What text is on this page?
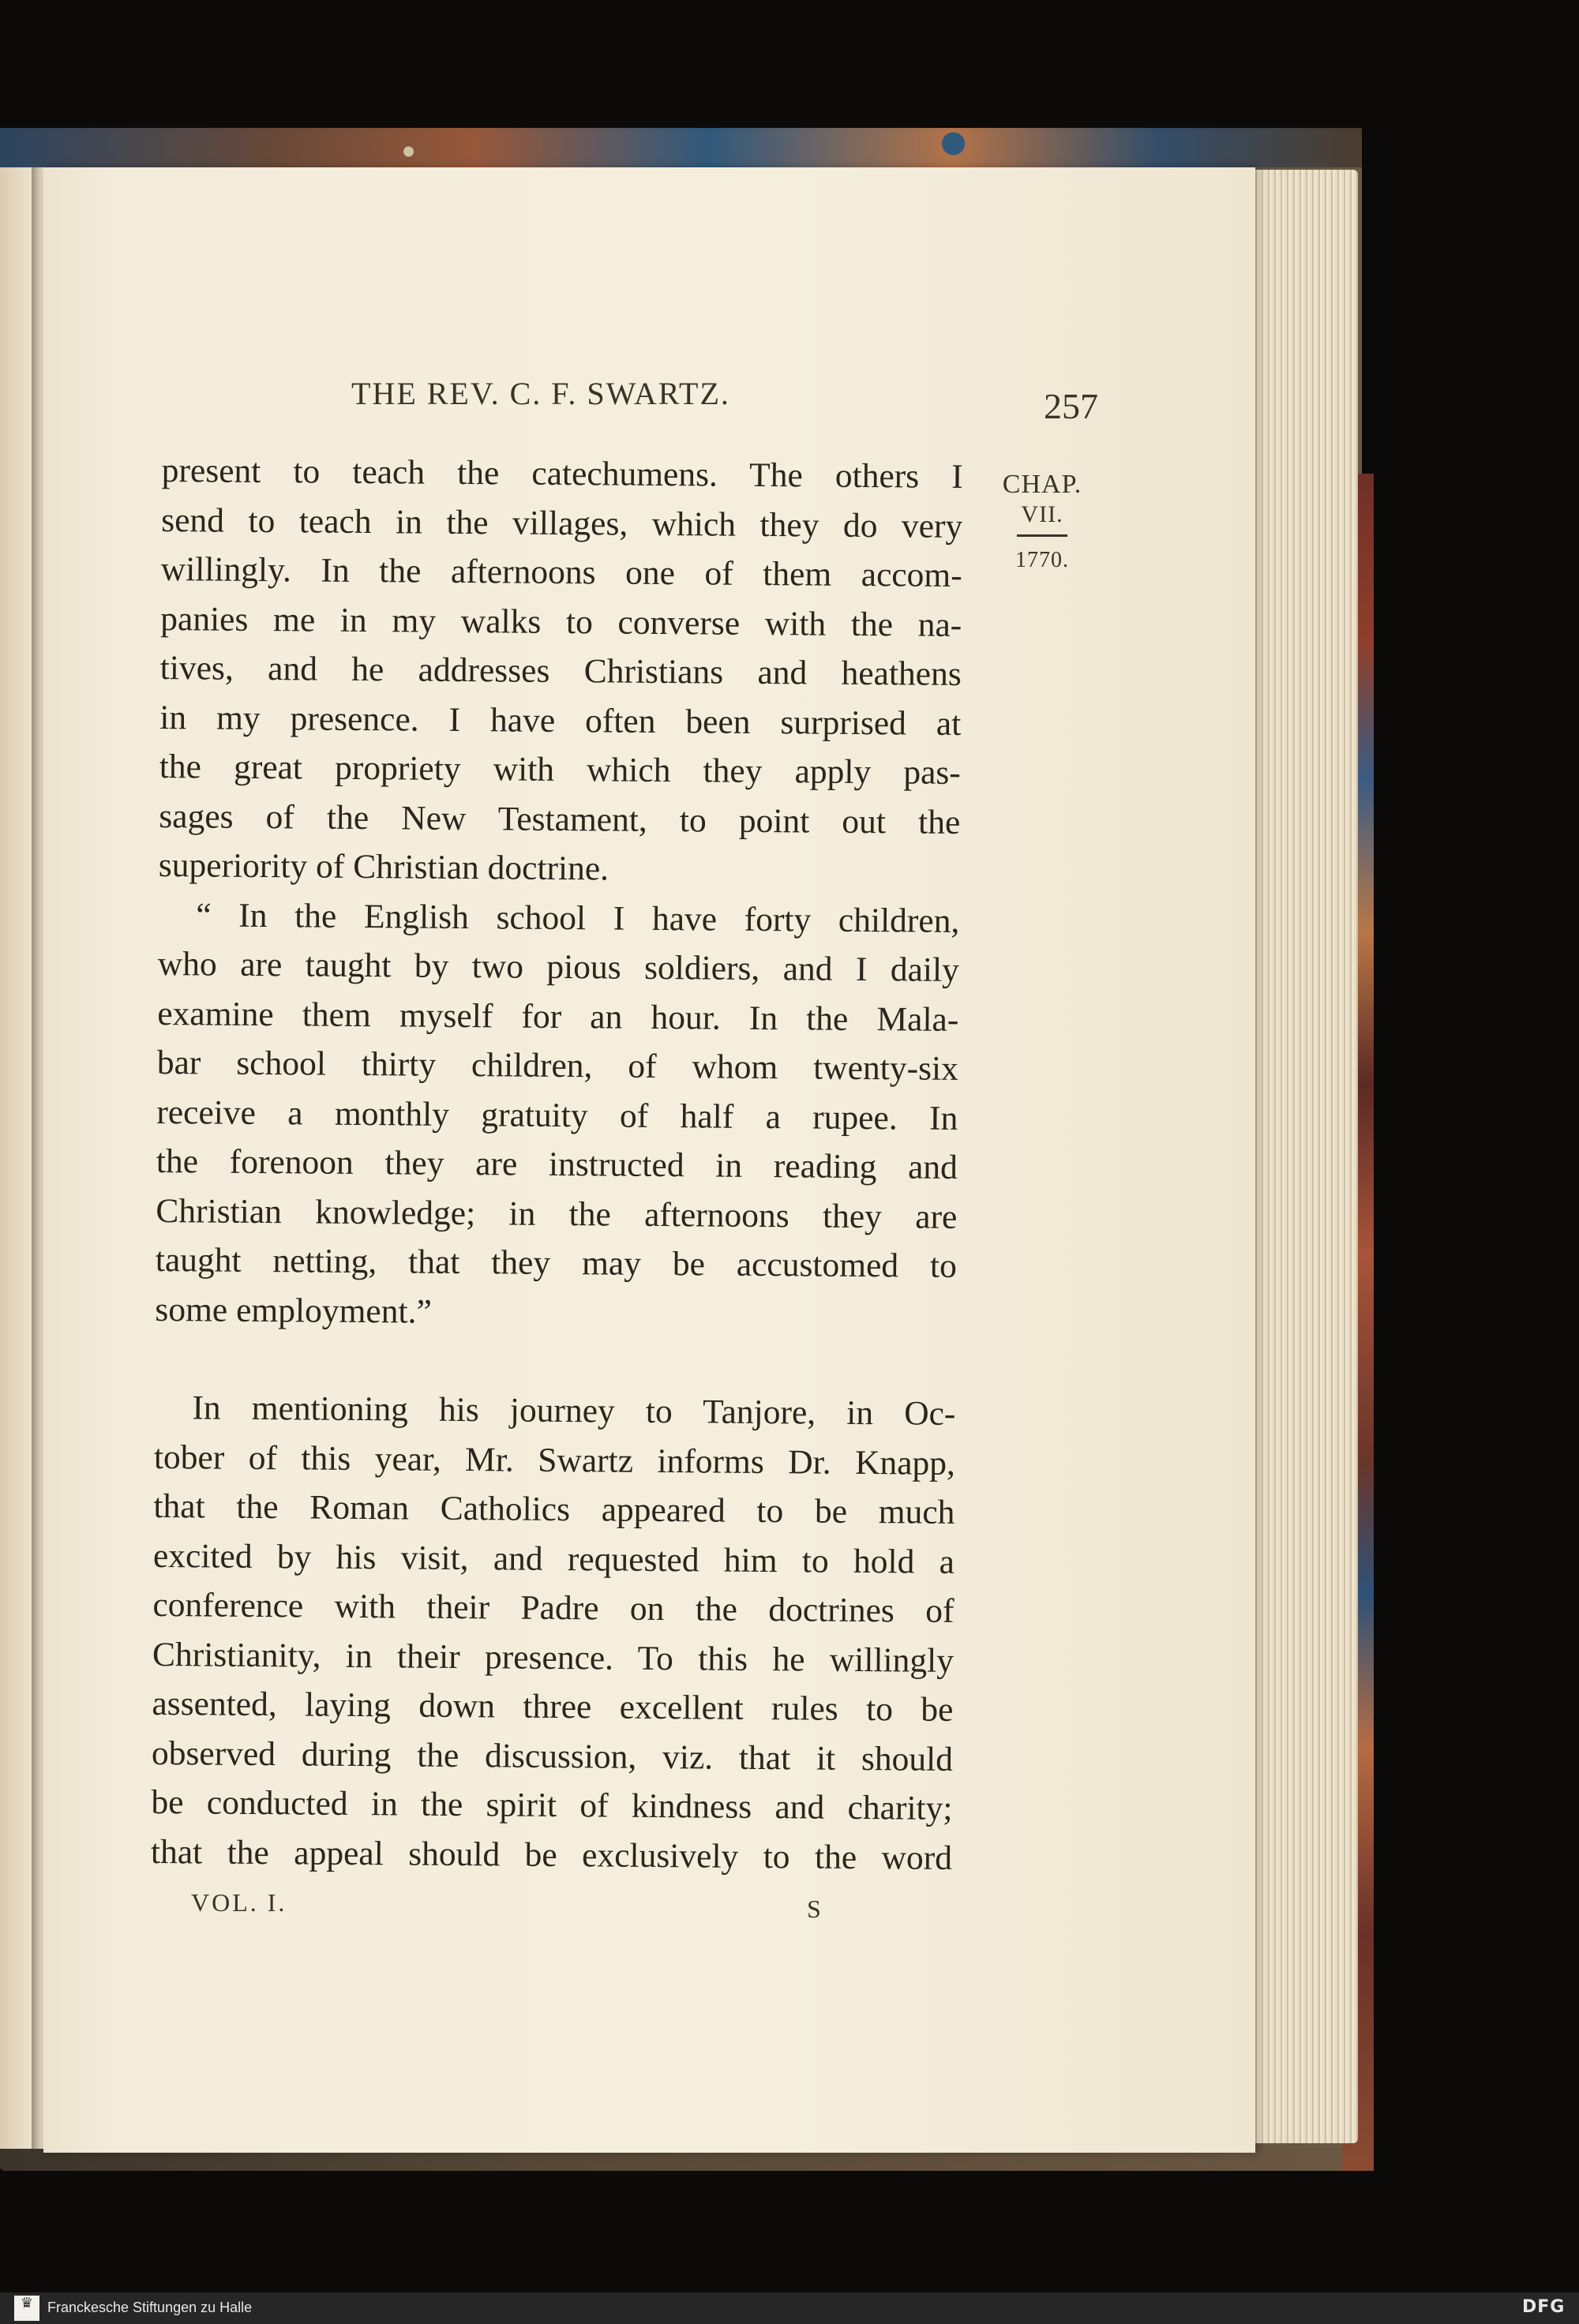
THE REV. C. F. SWARTZ.	257
CHAP.
VII.
1770.
present to teach the catechumens. The others I
send to teach in the villages, which they do very
willingly. In the afternoons one of them accom-
panies me in my walks to converse with the na-
tives, and he addresses Christians and heathens
in my presence. I have often been surprised at
the great propriety with which they apply pas-
sages of the New Testament, to point out the
superiority of Christian doctrine.
“ In the English school I have forty children,
who are taught by two pious soldiers, and I daily
examine them myself for an hour. In the Mala-
bar school thirty children, of whom twenty-six
receive a monthly gratuity of half a rupee. In
the forenoon they are instructed in reading and
Christian knowledge; in the afternoons they are
taught netting, that they may be accustomed to
some employment.”
In mentioning his journey to Tanjore, in Oc-
tober of this year, Mr. Swartz informs Dr. Knapp,
that the Roman Catholics appeared to be much
excited by his visit, and requested him to hold a
conference with their Padre on the doctrines of
Christianity, in their presence. To this he willingly
assented, laying down three excellent rules to be
observed during the discussion, viz. that it should
be conducted in the spirit of kindness and charity;
that the appeal should be exclusively to the word
VOL. I.	S
♛ Franckesche Stiftungen zu Halle	DFG
